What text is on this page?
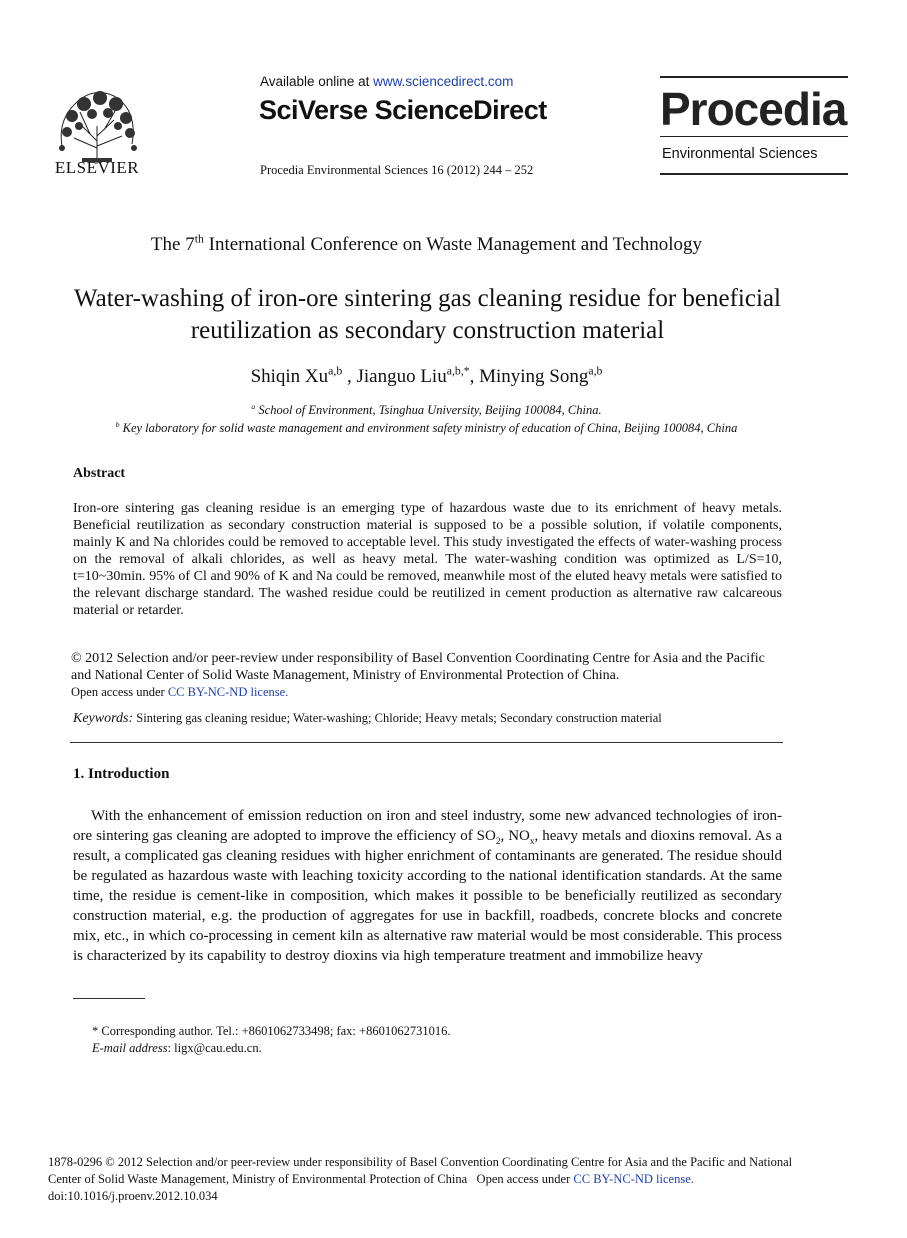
ELSEVIER
Available online at www.sciencedirect.com
SciVerse ScienceDirect
Procedia Environmental Sciences 16 (2012) 244 – 252
Procedia
Environmental Sciences
The 7th International Conference on Waste Management and Technology
Water-washing of iron-ore sintering gas cleaning residue for beneficial reutilization as secondary construction material
Shiqin Xu$^{a,b}$ , Jianguo Liu$^{a,b,*}$, Minying Song$^{a,b}$
$^a$ School of Environment, Tsinghua University, Beijing 100084, China.
$^b$ Key laboratory for solid waste management and environment safety ministry of education of China, Beijing 100084, China
Abstract
Iron-ore sintering gas cleaning residue is an emerging type of hazardous waste due to its enrichment of heavy metals. Beneficial reutilization as secondary construction material is supposed to be a possible solution, if volatile components, mainly K and Na chlorides could be removed to acceptable level. This study investigated the effects of water-washing process on the removal of alkali chlorides, as well as heavy metal. The water-washing condition was optimized as L/S=10, t=10~30min. 95% of Cl and 90% of K and Na could be removed, meanwhile most of the eluted heavy metals were satisfied to the relevant discharge standard. The washed residue could be reutilized in cement production as alternative raw calcareous material or retarder.
© 2012 Selection and/or peer-review under responsibility of Basel Convention Coordinating Centre for Asia and the Pacific
and National Center of Solid Waste Management, Ministry of Environmental Protection of China.
Open access under CC BY-NC-ND license.
Keywords: Sintering gas cleaning residue; Water-washing; Chloride; Heavy metals; Secondary construction material
1. Introduction
With the enhancement of emission reduction on iron and steel industry, some new advanced technologies of iron-ore sintering gas cleaning are adopted to improve the efficiency of $SO_2$, $NO_x$, heavy metals and dioxins removal. As a result, a complicated gas cleaning residues with higher enrichment of contaminants are generated. The residue should be regulated as hazardous waste with leaching toxicity according to the national identification standards. At the same time, the residue is cement-like in composition, which makes it possible to be beneficially reutilized as secondary construction material, e.g. the production of aggregates for use in backfill, roadbeds, concrete blocks and concrete mix, etc., in which co-processing in cement kiln as alternative raw material would be most considerable. This process is characterized by its capability to destroy dioxins via high temperature treatment and immobilize heavy
* Corresponding author. Tel.: +8601062733498; fax: +8601062731016.
E-mail address: ligx@cau.edu.cn.
1878-0296 © 2012 Selection and/or peer-review under responsibility of Basel Convention Coordinating Centre for Asia and the Pacific and National
Center of Solid Waste Management, Ministry of Environmental Protection of China   Open access under CC BY-NC-ND license.
doi:10.1016/j.proenv.2012.10.034
